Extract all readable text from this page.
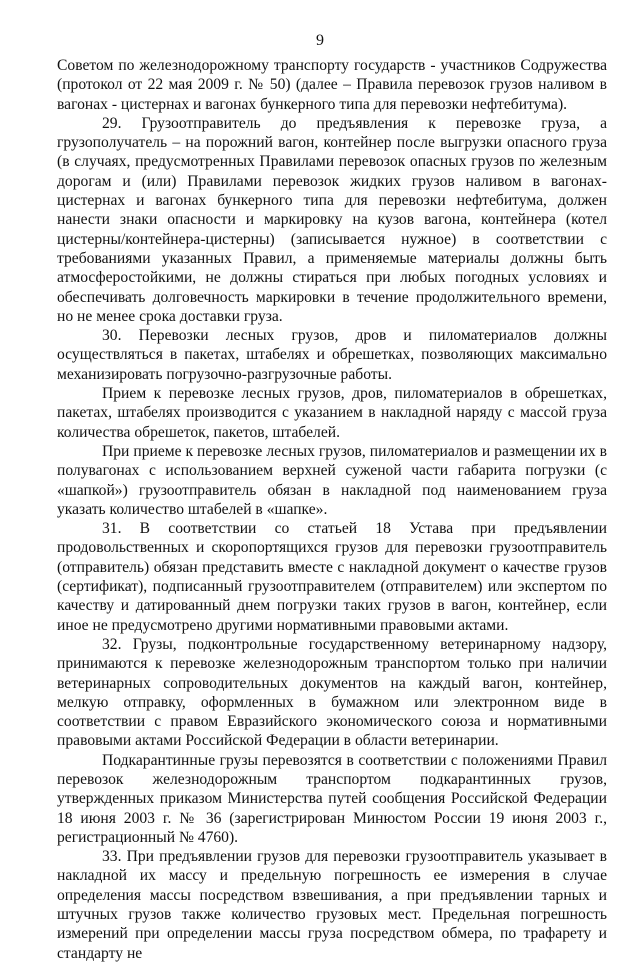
9

Советом по железнодорожному транспорту государств - участников Содружества (протокол от 22 мая 2009 г. № 50) (далее – Правила перевозок грузов наливом в вагонах - цистернах и вагонах бункерного типа для перевозки нефтебитума).

29. Грузоотправитель до предъявления к перевозке груза, а грузополучатель – на порожний вагон, контейнер после выгрузки опасного груза (в случаях, предусмотренных Правилами перевозок опасных грузов по железным дорогам и (или) Правилами перевозок жидких грузов наливом в вагонах-цистернах и вагонах бункерного типа для перевозки нефтебитума, должен нанести знаки опасности и маркировку на кузов вагона, контейнера (котел цистерны/контейнера-цистерны) (записывается нужное) в соответствии с требованиями указанных Правил, а применяемые материалы должны быть атмосферостойкими, не должны стираться при любых погодных условиях и обеспечивать долговечность маркировки в течение продолжительного времени, но не менее срока доставки груза.

30. Перевозки лесных грузов, дров и пиломатериалов должны осуществляться в пакетах, штабелях и обрешетках, позволяющих максимально механизировать погрузочно-разгрузочные работы.

Прием к перевозке лесных грузов, дров, пиломатериалов в обрешетках, пакетах, штабелях производится с указанием в накладной наряду с массой груза количества обрешеток, пакетов, штабелей.

При приеме к перевозке лесных грузов, пиломатериалов и размещении их в полувагонах с использованием верхней суженой части габарита погрузки (с «шапкой») грузоотправитель обязан в накладной под наименованием груза указать количество штабелей в «шапке».

31. В соответствии со статьей 18 Устава при предъявлении продовольственных и скоропортящихся грузов для перевозки грузоотправитель (отправитель) обязан представить вместе с накладной документ о качестве грузов (сертификат), подписанный грузоотправителем (отправителем) или экспертом по качеству и датированный днем погрузки таких грузов в вагон, контейнер, если иное не предусмотрено другими нормативными правовыми актами.

32. Грузы, подконтрольные государственному ветеринарному надзору, принимаются к перевозке железнодорожным транспортом только при наличии ветеринарных сопроводительных документов на каждый вагон, контейнер, мелкую отправку, оформленных в бумажном или электронном виде в соответствии с правом Евразийского экономического союза и нормативными правовыми актами Российской Федерации в области ветеринарии.

Подкарантинные грузы перевозятся в соответствии с положениями Правил перевозок железнодорожным транспортом подкарантинных грузов, утвержденных приказом Министерства путей сообщения Российской Федерации 18 июня 2003 г. № 36 (зарегистрирован Минюстом России 19 июня 2003 г., регистрационный № 4760).

33. При предъявлении грузов для перевозки грузоотправитель указывает в накладной их массу и предельную погрешность ее измерения в случае определения массы посредством взвешивания, а при предъявлении тарных и штучных грузов также количество грузовых мест. Предельная погрешность измерений при определении массы груза посредством обмера, по трафарету и стандарту не
